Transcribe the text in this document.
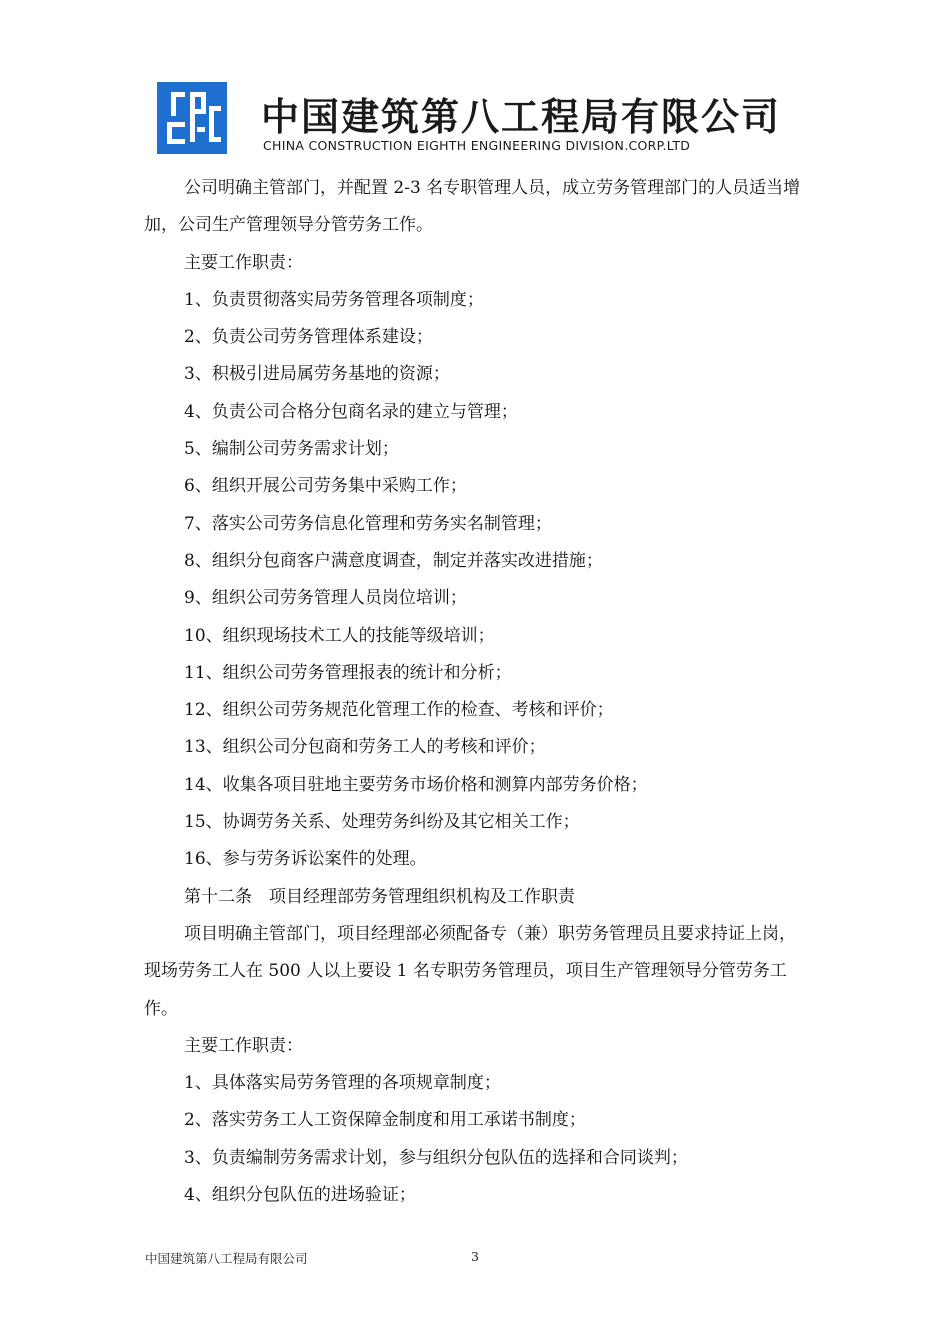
中国建筑第八工程局有限公司
CHINA CONSTRUCTION EIGHTH ENGINEERING DIVISION.CORP.LTD

公司明确主管部门，并配置 2-3 名专职管理人员，成立劳务管理部门的人员适当增加，公司生产管理领导分管劳务工作。

主要工作职责：

1、负责贯彻落实局劳务管理各项制度；

2、负责公司劳务管理体系建设；

3、积极引进局属劳务基地的资源；

4、负责公司合格分包商名录的建立与管理；

5、编制公司劳务需求计划；

6、组织开展公司劳务集中采购工作；

7、落实公司劳务信息化管理和劳务实名制管理；

8、组织分包商客户满意度调查，制定并落实改进措施；

9、组织公司劳务管理人员岗位培训；

10、组织现场技术工人的技能等级培训；

11、组织公司劳务管理报表的统计和分析；

12、组织公司劳务规范化管理工作的检查、考核和评价；

13、组织公司分包商和劳务工人的考核和评价；

14、收集各项目驻地主要劳务市场价格和测算内部劳务价格；

15、协调劳务关系、处理劳务纠纷及其它相关工作；

16、参与劳务诉讼案件的处理。

第十二条　项目经理部劳务管理组织机构及工作职责

项目明确主管部门，项目经理部必须配备专（兼）职劳务管理员且要求持证上岗，现场劳务工人在 500 人以上要设 1 名专职劳务管理员，项目生产管理领导分管劳务工作。

主要工作职责：

1、具体落实局劳务管理的各项规章制度；

2、落实劳务工人工资保障金制度和用工承诺书制度；

3、负责编制劳务需求计划，参与组织分包队伍的选择和合同谈判；

4、组织分包队伍的进场验证；

中国建筑第八工程局有限公司	3
